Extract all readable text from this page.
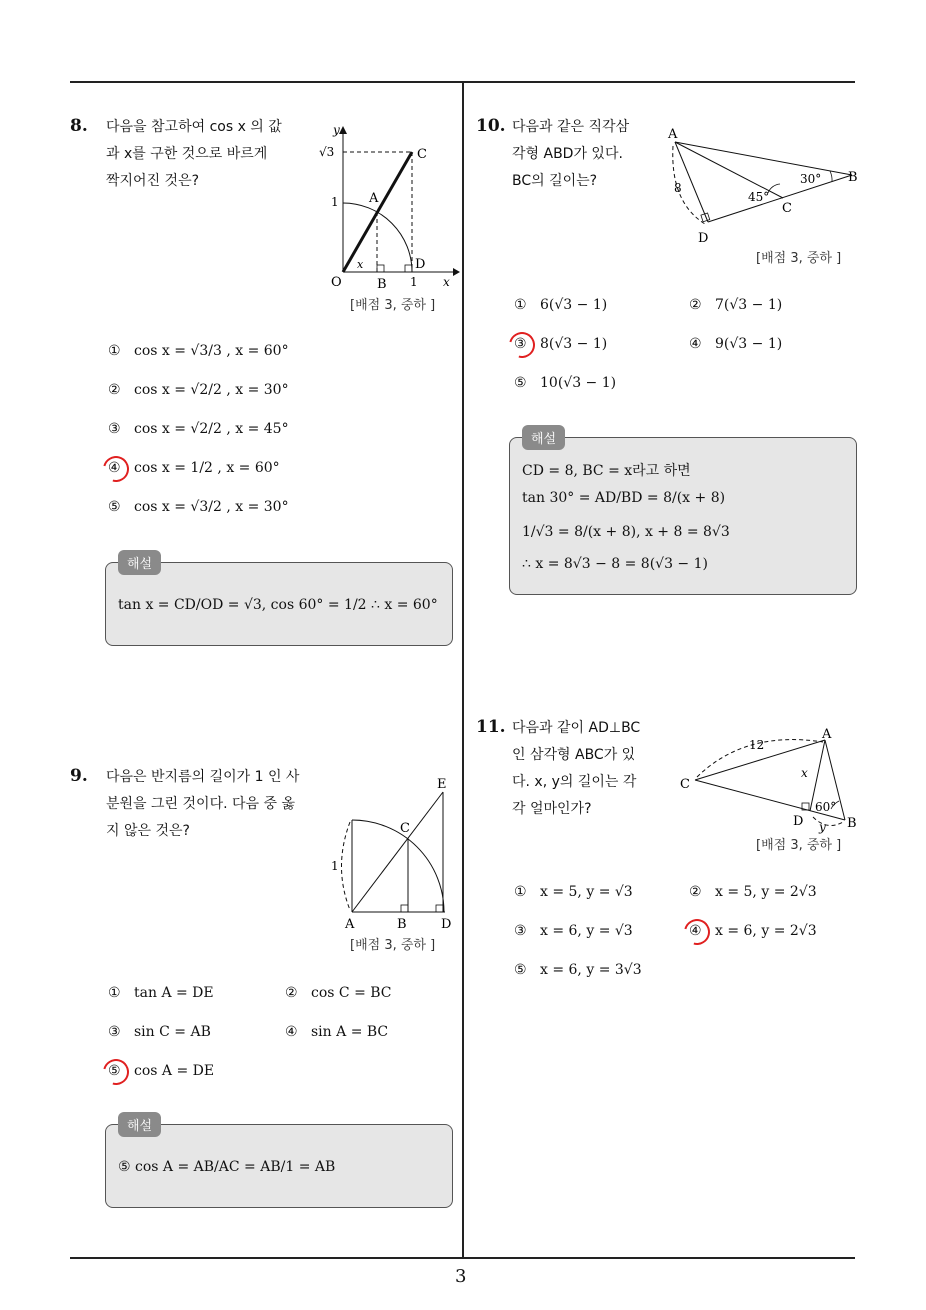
3
8. 다음을 참고하여 cos x 의 값
과 x를 구한 것으로 바르게
짝지어진 것은?
y
√3	C
1 A
x
O	B 1
D
x
[배점 3, 중하 ]
① cos x = √3/3 , x = 60°
② cos x = √2/2 , x = 30°
③ cos x = √2/2 , x = 45°
④ cos x = 1/2 , x = 60°
⑤ cos x = √3/2 , x = 30°
해설
tan x = CD/OD = √3, cos 60° = 1/2 ∴ x = 60°
9. 다음은 반지름의 길이가 1 인 사
분원을 그린 것이다. 다음 중 옳
지 않은 것은?
E
C
1
A	B	D
[배점 3, 중하 ]
① tan A = DE	② cos C = BC
③ sin C = AB	④ sin A = BC
⑤ cos A = DE
해설
⑤ cos A = AB/AC = AB/1 = AB
10. 다음과 같은 직각삼
각형 ABD가 있다.
BC의 길이는?
A
8
30° B
45°
C
D
[배점 3, 중하 ]
① 6(√3 − 1)	② 7(√3 − 1)
③ 8(√3 − 1)	④ 9(√3 − 1)
⑤ 10(√3 − 1)
해설
CD = 8, BC = x라고 하면
tan 30° = AD/BD = 8/(x + 8)
1/√3 = 8/(x + 8), x + 8 = 8√3
∴ x = 8√3 − 8 = 8(√3 − 1)
11. 다음과 같이 AD⊥BC
인 삼각형 ABC가 있
다. x, y의 길이는 각
각 얼마인가?
12
A
C
x
60°
D y B
[배점 3, 중하 ]
① x = 5, y = √3	② x = 5, y = 2√3
③ x = 6, y = √3	④ x = 6, y = 2√3
⑤ x = 6, y = 3√3
